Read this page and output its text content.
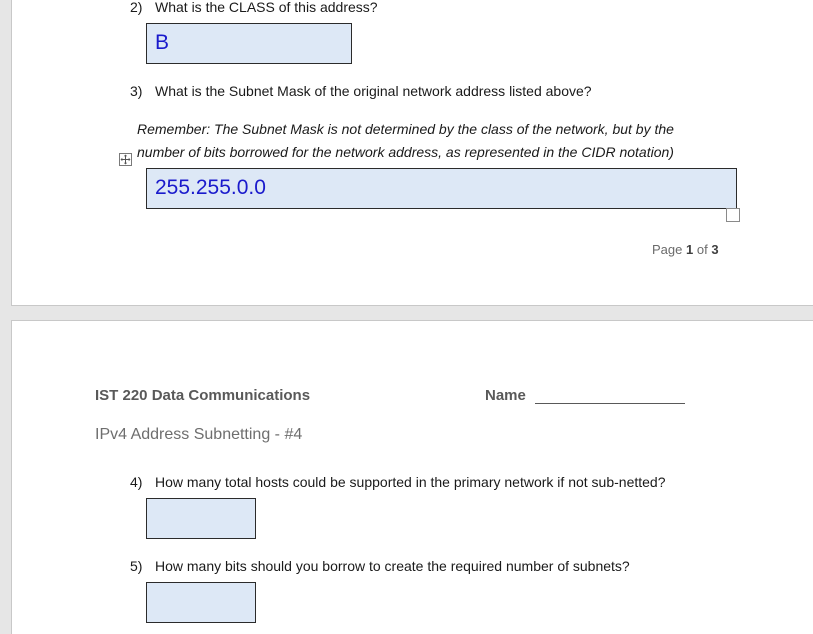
2) What is the CLASS of this address?
B
3) What is the Subnet Mask of the original network address listed above?
Remember: The Subnet Mask is not determined by the class of the network, but by the
number of bits borrowed for the network address, as represented in the CIDR notation)
255.255.0.0
Page 1 of 3
IST 220 Data Communications	Name
IPv4 Address Subnetting - #4
4) How many total hosts could be supported in the primary network if not sub-netted?
5) How many bits should you borrow to create the required number of subnets?
